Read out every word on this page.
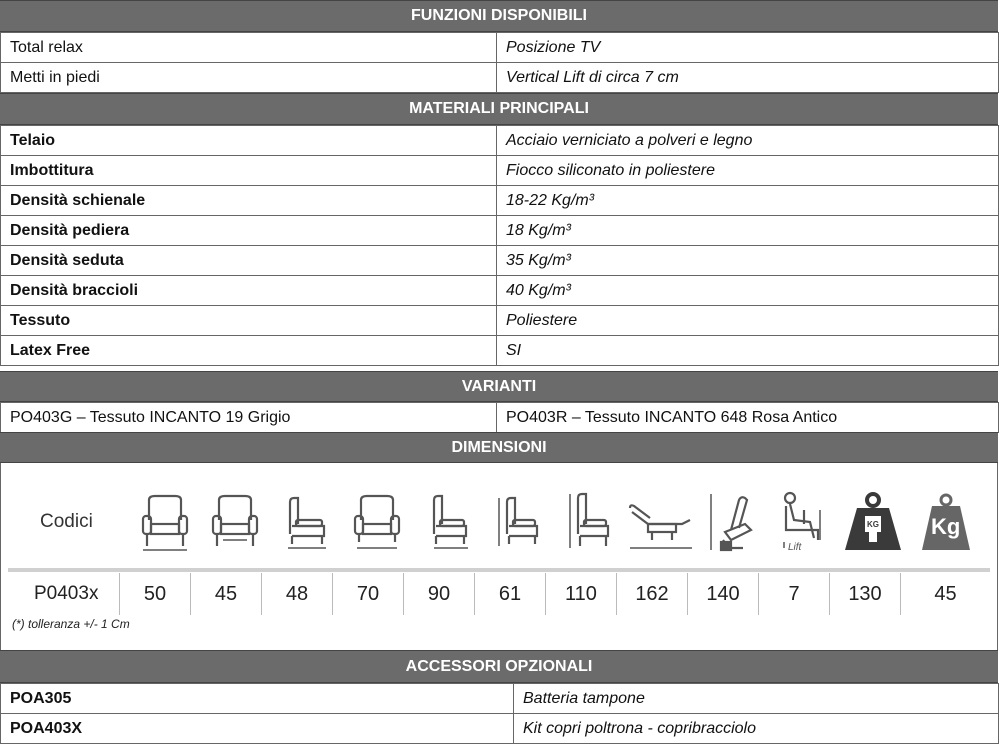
FUNZIONI DISPONIBILI
Total relax	Posizione TV
Metti in piedi	Vertical Lift di circa 7 cm
MATERIALI PRINCIPALI
Telaio	Acciaio verniciato a polveri e legno
Imbottitura	Fiocco siliconato in poliestere
Densità schienale	18-22 Kg/m³
Densità pediera	18 Kg/m³
Densità seduta	35 Kg/m³
Densità braccioli	40 Kg/m³
Tessuto	Poliestere
Latex Free	SI
VARIANTI
PO403G – Tessuto INCANTO 19 Grigio	PO403R – Tessuto INCANTO 648 Rosa Antico
DIMENSIONI
Codici
Lift
KG Kg
P0403x	50	45	48	70	90	61	110	162	140	7	130	45
(*) tolleranza +/- 1 Cm
ACCESSORI OPZIONALI
POA305	Batteria tampone
POA403X	Kit copri poltrona - copribracciolo
